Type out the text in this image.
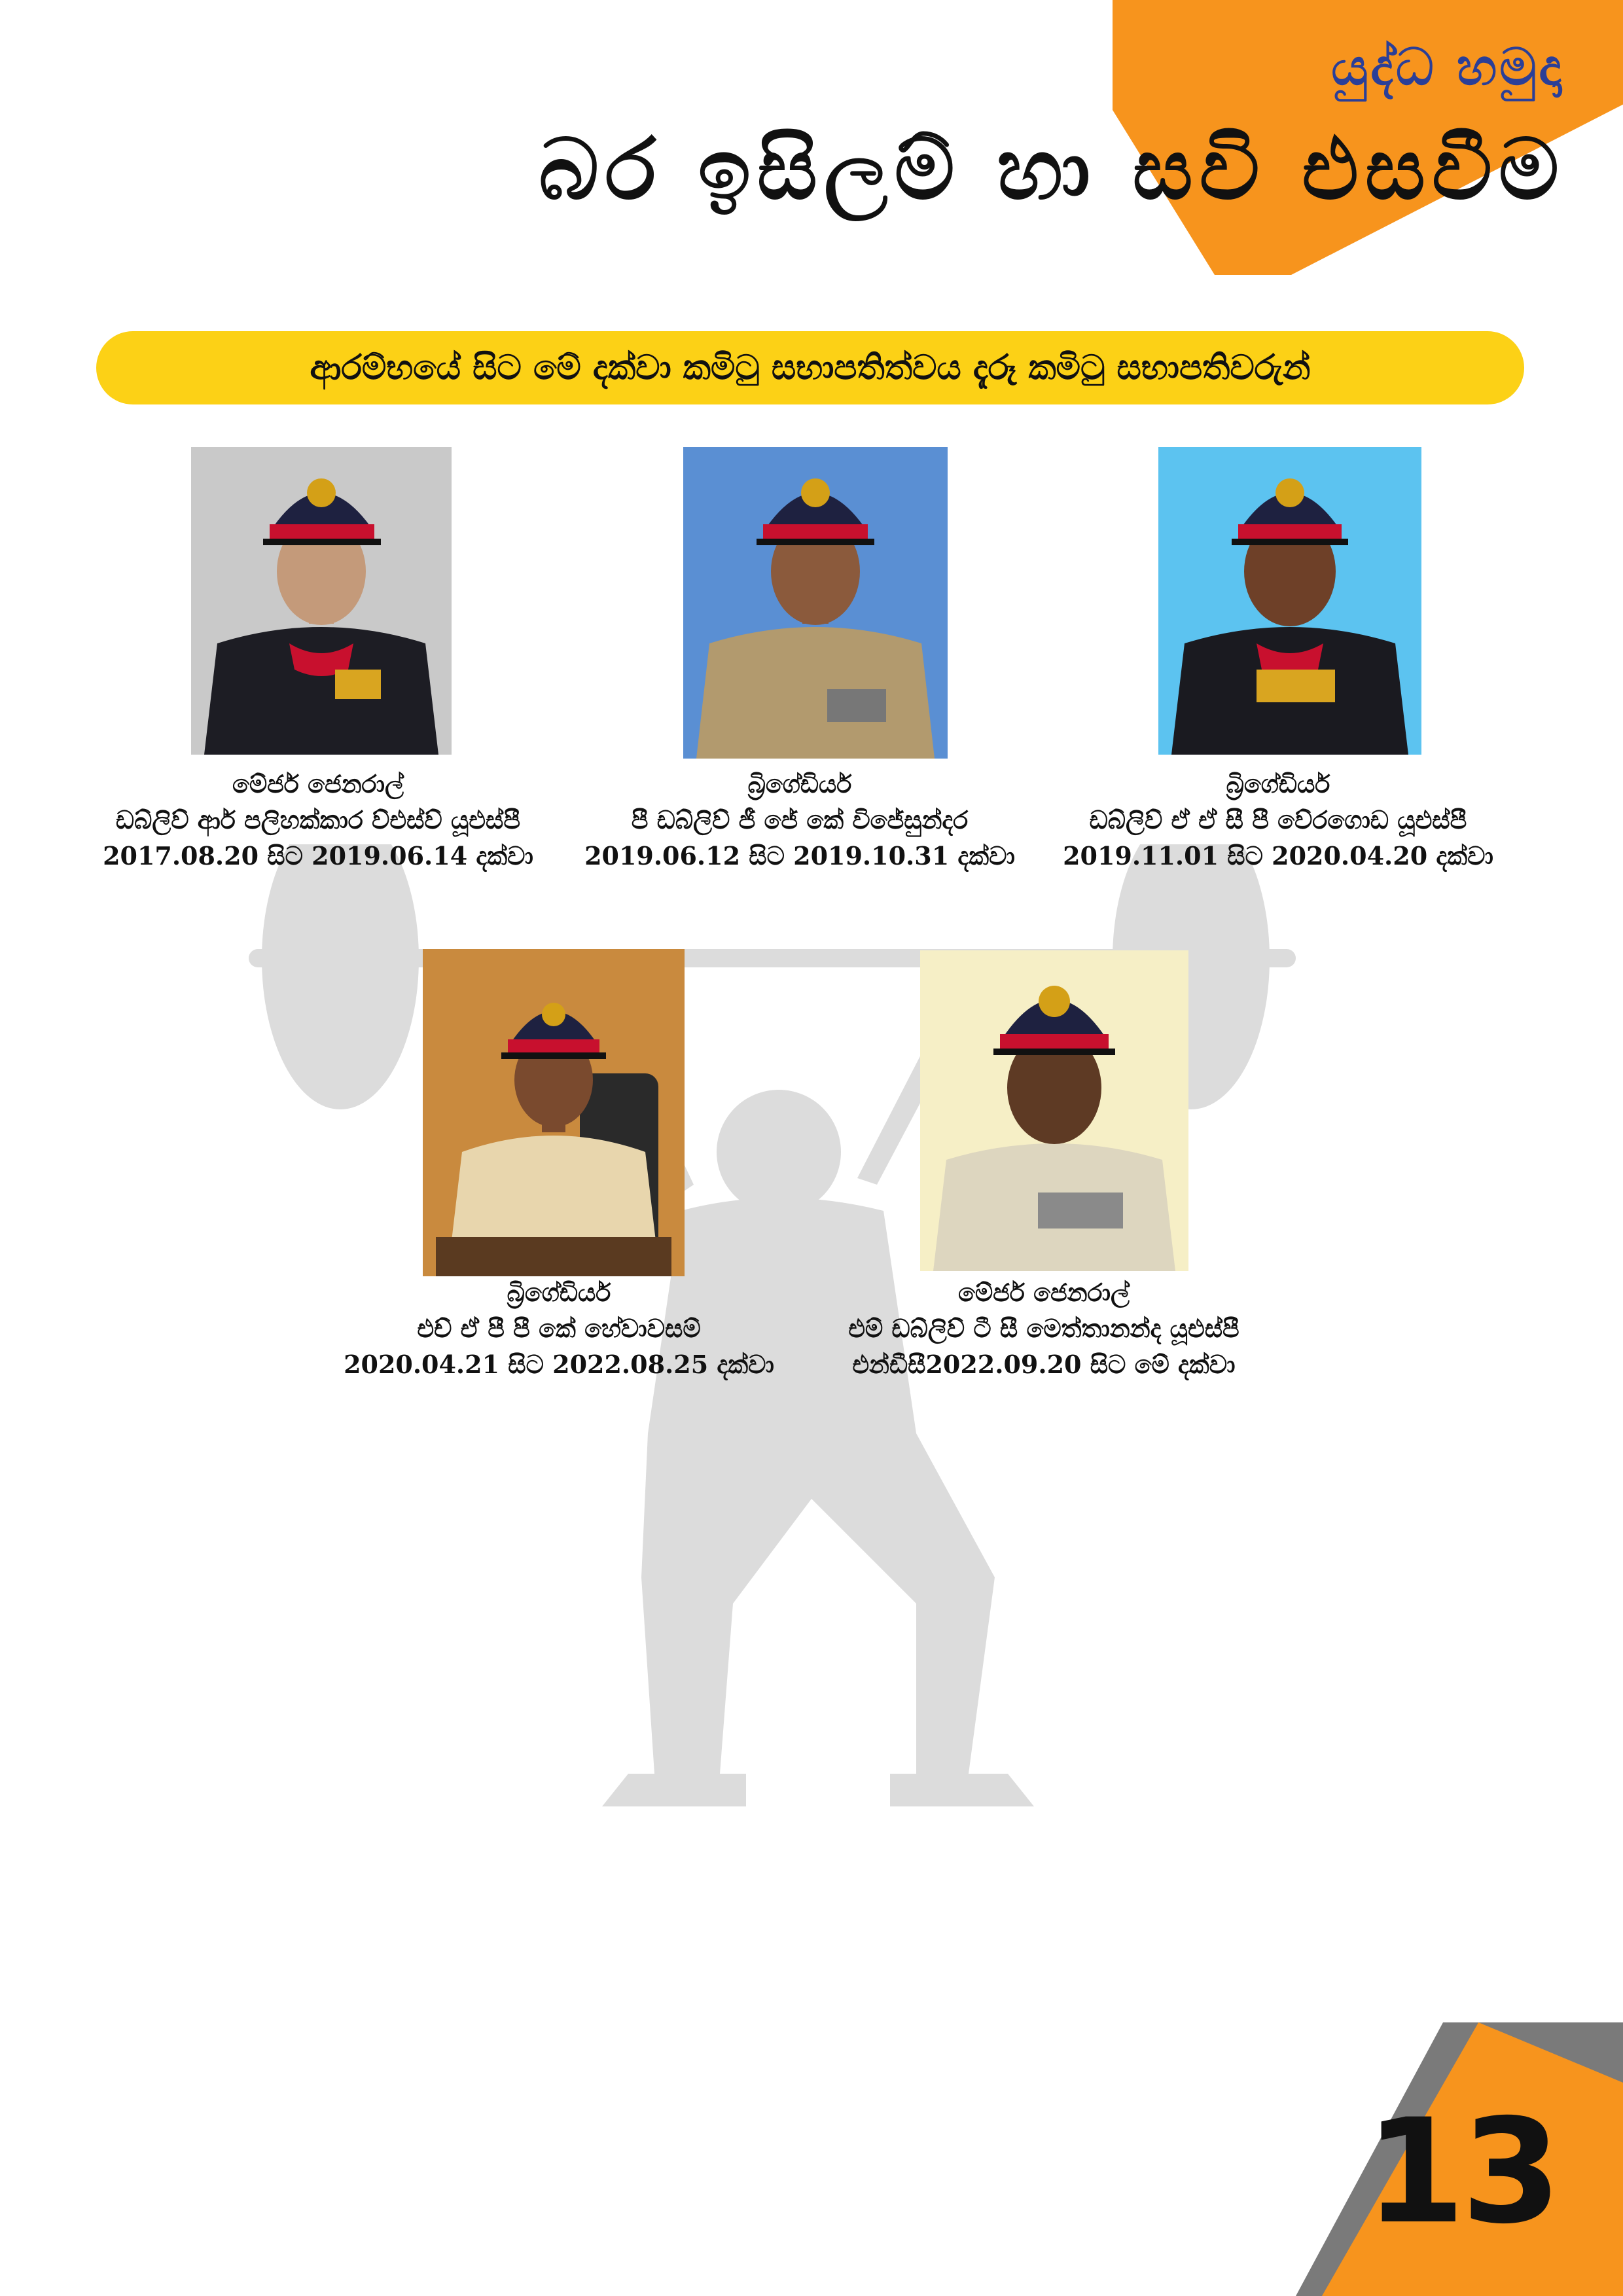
යුද්ධ හමුදා
බර ඉසිලම් හා සවි එසවීම
ආරම්භයේ සිට මේ දක්වා කමිටු සභාපතිත්වය දැරූ කමිටු සභාපතිවරුන්
මේජර් ජෙනරාල්
ඩබ්ලිව් ආර් පලිහක්කාර ව්එස්ව් යූඑස්පී
2017.08.20 සිට 2019.06.14 දක්වා
බ්‍රිගේඩියර්
පී ඩබ්ලිව් ජී ජේ කේ විජේසුන්දර
2019.06.12 සිට 2019.10.31 දක්වා
බ්‍රිගේඩියර්
ඩබ්ලිව් ඒ ඒ සී පී වේරගොඩ යූඑස්පී
2019.11.01 සිට 2020.04.20 දක්වා
බ්‍රිගේඩියර්
එච් ඒ පී පී කේ හේවාවසම්
2020.04.21 සිට 2022.08.25 දක්වා
මේජර් ජෙනරාල්
එම් ඩබ්ලිව් ටී සී මෙත්තානන්ද යූඑස්පී
එන්ඩීසී2022.09.20 සිට මේ දක්වා
13
